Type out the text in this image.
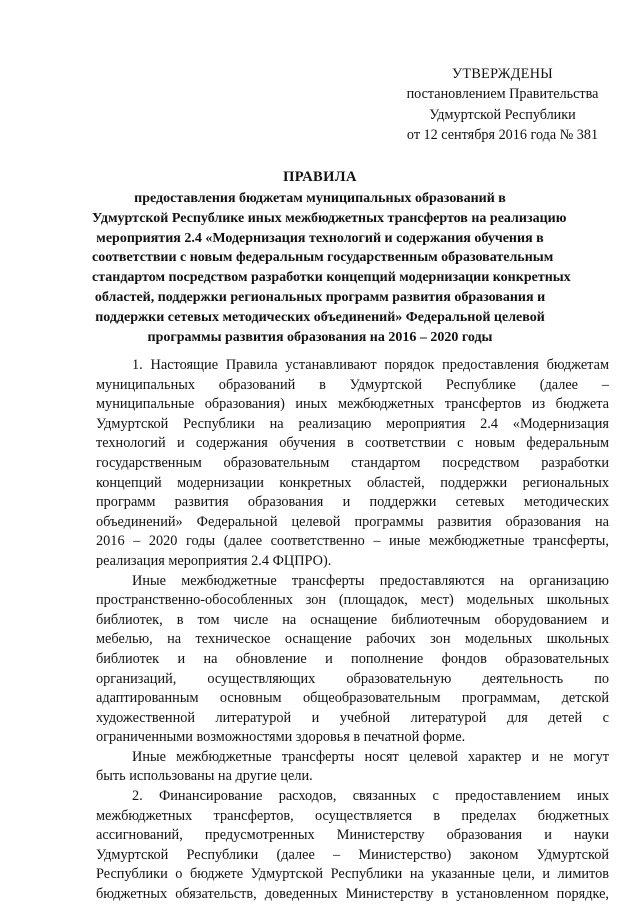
УТВЕРЖДЕНЫ
постановлением Правительства
Удмуртской Республики
от 12 сентября 2016 года № 381
ПРАВИЛА
предоставления бюджетам муниципальных образований в
Удмуртской Республике иных межбюджетных трансфертов на реализацию
мероприятия 2.4 «Модернизация технологий и содержания обучения в
соответствии с новым федеральным государственным образовательным
стандартом посредством разработки концепций модернизации конкретных
областей, поддержки региональных программ развития образования и
поддержки сетевых методических объединений» Федеральной целевой
программы развития образования на 2016 – 2020 годы
1. Настоящие Правила устанавливают порядок предоставления бюджетам
муниципальных образований в Удмуртской Республике (далее –
муниципальные образования) иных межбюджетных трансфертов из бюджета
Удмуртской Республики на реализацию мероприятия 2.4 «Модернизация
технологий и содержания обучения в соответствии с новым федеральным
государственным образовательным стандартом посредством разработки
концепций модернизации конкретных областей, поддержки региональных
программ развития образования и поддержки сетевых методических
объединений» Федеральной целевой программы развития образования на
2016 – 2020 годы (далее соответственно – иные межбюджетные трансферты,
реализация мероприятия 2.4 ФЦПРО).
Иные межбюджетные трансферты предоставляются на организацию
пространственно-обособленных зон (площадок, мест) модельных школьных
библиотек, в том числе на оснащение библиотечным оборудованием и
мебелью, на техническое оснащение рабочих зон модельных школьных
библиотек и на обновление и пополнение фондов образовательных
организаций, осуществляющих образовательную деятельность по
адаптированным основным общеобразовательным программам, детской
художественной литературой и учебной литературой для детей с
ограниченными возможностями здоровья в печатной форме.
Иные межбюджетные трансферты носят целевой характер и не могут
быть использованы на другие цели.
2. Финансирование расходов, связанных с предоставлением иных
межбюджетных трансфертов, осуществляется в пределах бюджетных
ассигнований, предусмотренных Министерству образования и науки
Удмуртской Республики (далее – Министерство) законом Удмуртской
Республики о бюджете Удмуртской Республики на указанные цели, и лимитов
бюджетных обязательств, доведенных Министерству в установленном порядке,
